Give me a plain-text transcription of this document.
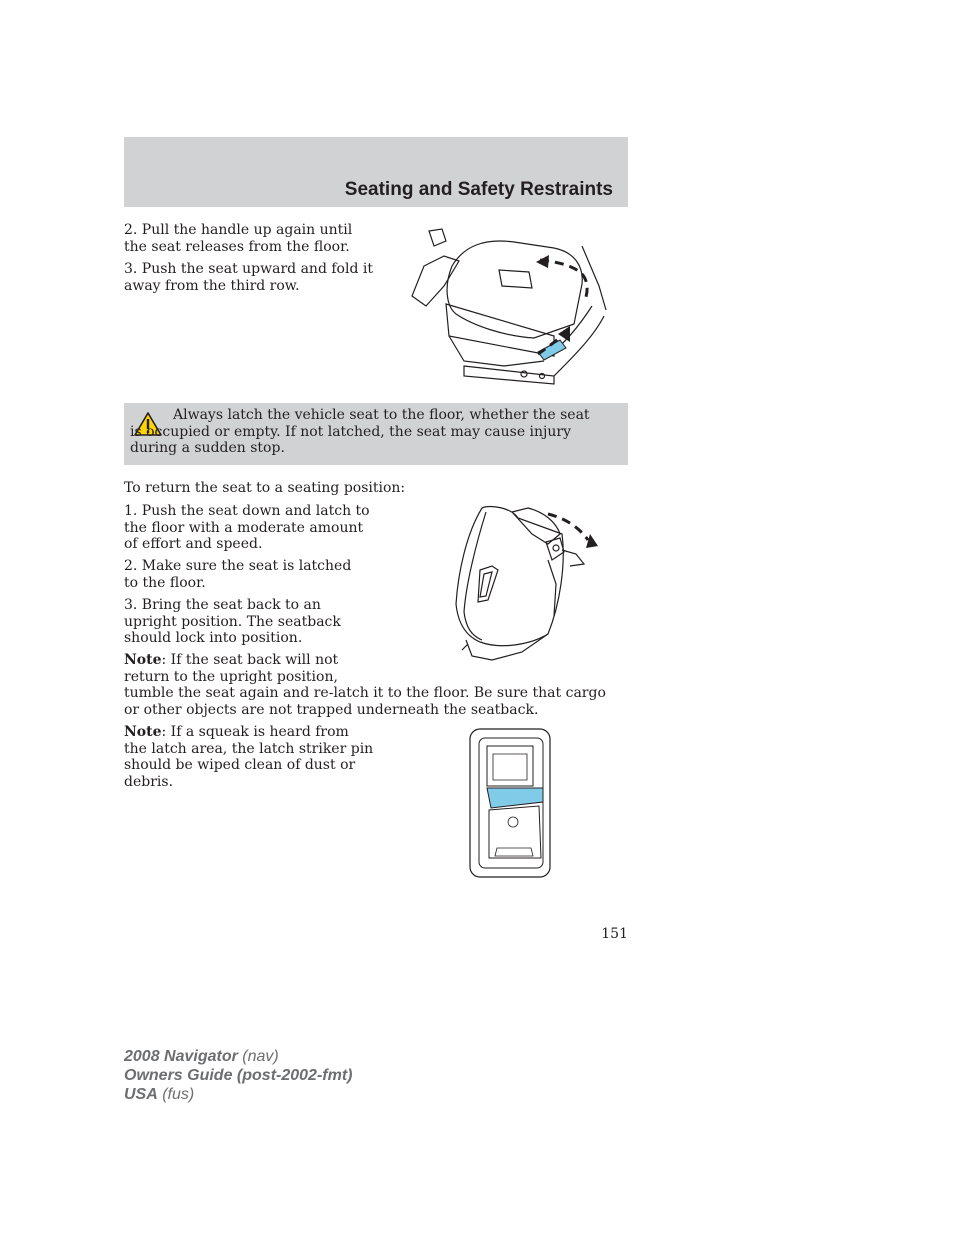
Seating and Safety Restraints

2. Pull the handle up again until the seat releases from the floor.

3. Push the seat upward and fold it away from the third row.

Always latch the vehicle seat to the floor, whether the seat is occupied or empty. If not latched, the seat may cause injury during a sudden stop.

To return the seat to a seating position:

1. Push the seat down and latch to the floor with a moderate amount of effort and speed.

2. Make sure the seat is latched to the floor.

3. Bring the seat back to an upright position. The seatback should lock into position.

Note: If the seat back will not return to the upright position,

tumble the seat again and re-latch it to the floor. Be sure that cargo or other objects are not trapped underneath the seatback.

Note: If a squeak is heard from the latch area, the latch striker pin should be wiped clean of dust or debris.

151

2008 Navigator (nav)
Owners Guide (post-2002-fmt)
USA (fus)
